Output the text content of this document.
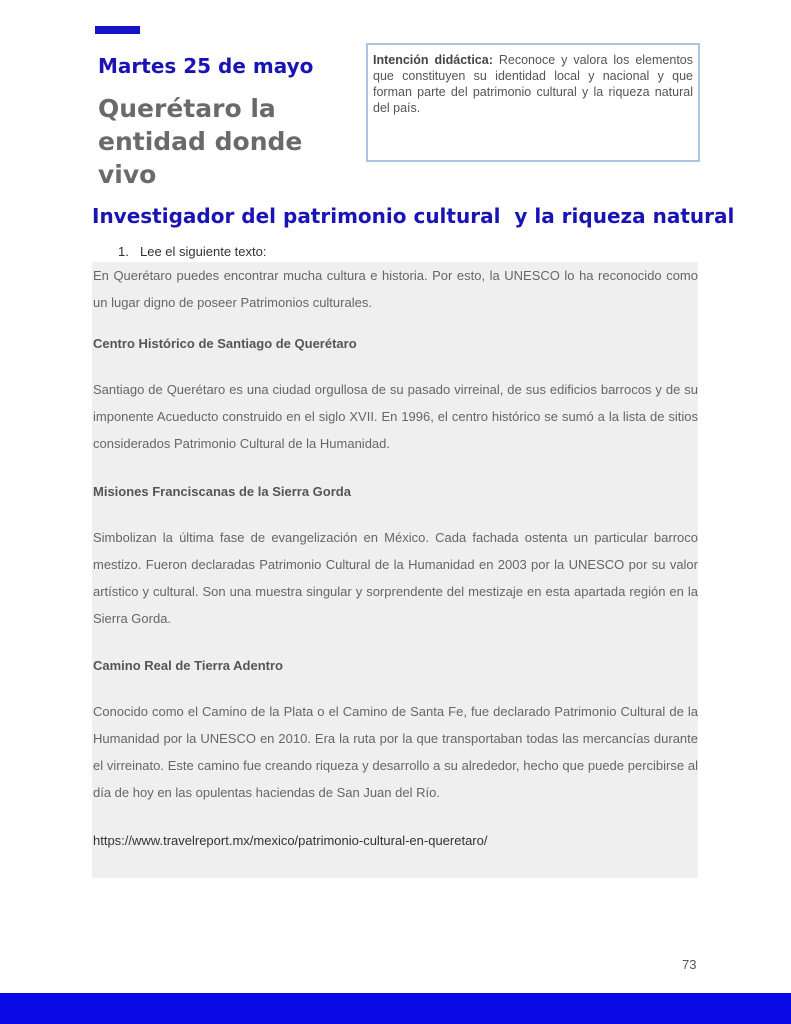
Martes 25 de mayo
Querétaro la entidad donde vivo
Intención didáctica: Reconoce y valora los elementos que constituyen su identidad local y nacional y que forman parte del patrimonio cultural y la riqueza natural del país.
Investigador del patrimonio cultural  y la riqueza natural

1. Lee el siguiente texto:

En Querétaro puedes encontrar mucha cultura e historia. Por esto, la UNESCO lo ha reconocido como un lugar digno de poseer Patrimonios culturales.

Centro Histórico de Santiago de Querétaro

Santiago de Querétaro es una ciudad orgullosa de su pasado virreinal, de sus edificios barrocos y de su imponente Acueducto construido en el siglo XVII. En 1996, el centro histórico se sumó a la lista de sitios considerados Patrimonio Cultural de la Humanidad.

Misiones Franciscanas de la Sierra Gorda

Simbolizan la última fase de evangelización en México. Cada fachada ostenta un particular barroco mestizo. Fueron declaradas Patrimonio Cultural de la Humanidad en 2003 por la UNESCO por su valor artístico y cultural. Son una muestra singular y sorprendente del mestizaje en esta apartada región en la Sierra Gorda.

Camino Real de Tierra Adentro

Conocido como el Camino de la Plata o el Camino de Santa Fe, fue declarado Patrimonio Cultural de la Humanidad por la UNESCO en 2010. Era la ruta por la que transportaban todas las mercancías durante el virreinato. Este camino fue creando riqueza y desarrollo a su alrededor, hecho que puede percibirse al día de hoy en las opulentas haciendas de San Juan del Río.

https://www.travelreport.mx/mexico/patrimonio-cultural-en-queretaro/

73
